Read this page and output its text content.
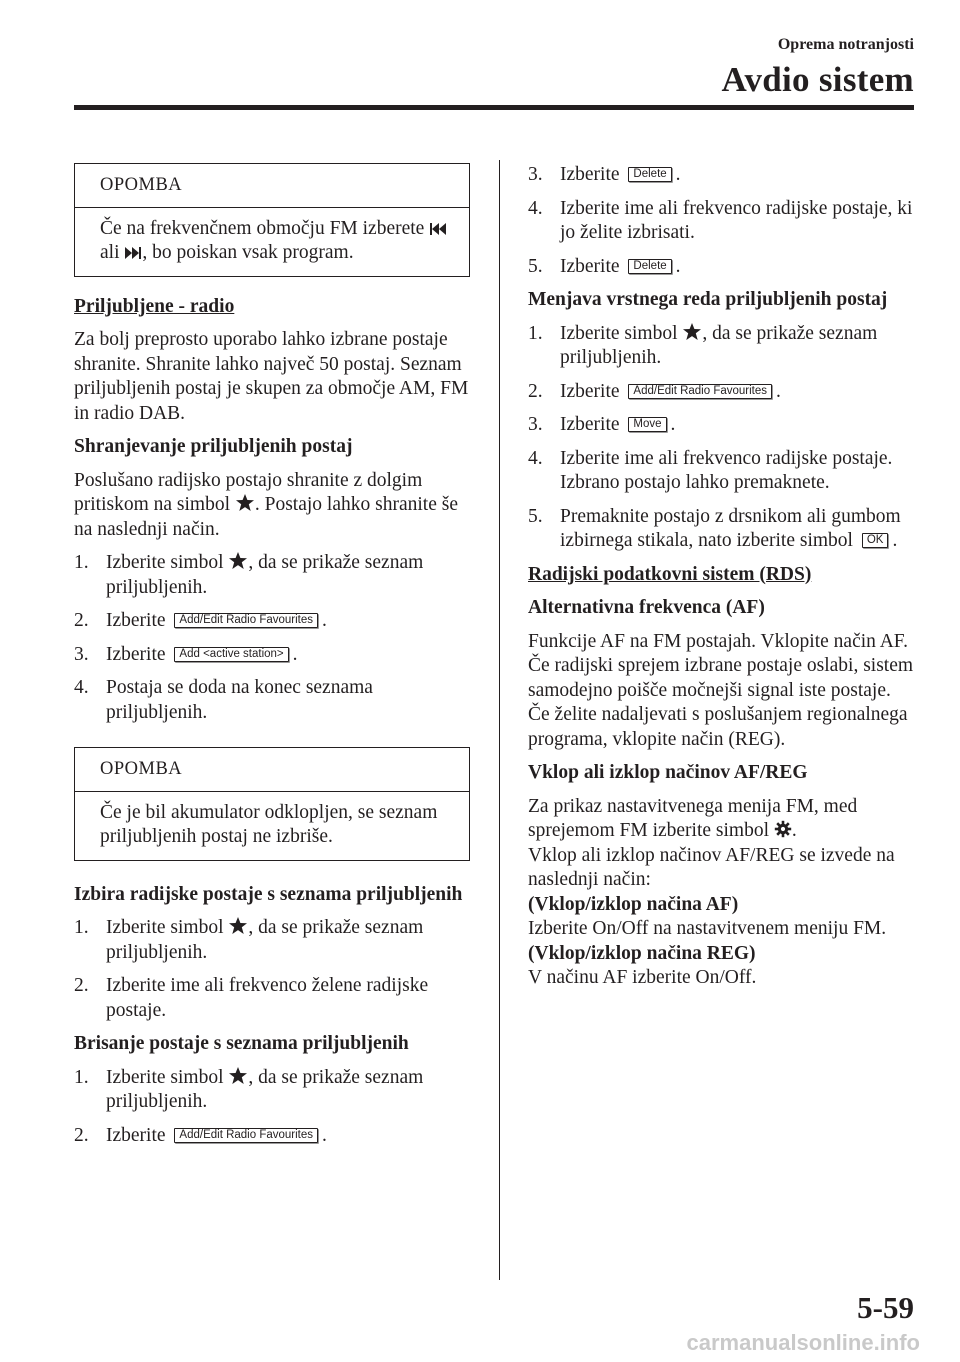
Oprema notranjosti
Avdio sistem
OPOMBA
Če na frekvenčnem območju FM izberete  ali , bo poiskan vsak program.
Priljubljene - radio

Za bolj preprosto uporabo lahko izbrane postaje shranite. Shranite lahko največ 50 postaj. Seznam priljubljenih postaj je skupen za območje AM, FM in radio DAB.

Shranjevanje priljubljenih postaj

Poslušano radijsko postajo shranite z dolgim pritiskom na simbol . Postajo lahko shranite še na naslednji način.

1. Izberite simbol , da se prikaže seznam priljubljenih.
2. Izberite Add/Edit Radio Favourites .
3. Izberite Add <active station> .
4. Postaja se doda na konec seznama priljubljenih.
OPOMBA
Če je bil akumulator odklopljen, se seznam priljubljenih postaj ne izbriše.
Izbira radijske postaje s seznama priljubljenih
1. Izberite simbol , da se prikaže seznam priljubljenih.
2. Izberite ime ali frekvenco želene radijske postaje.
Brisanje postaje s seznama priljubljenih
1. Izberite simbol , da se prikaže seznam priljubljenih.
2. Izberite Add/Edit Radio Favourites .
3. Izberite Delete .
4. Izberite ime ali frekvenco radijske postaje, ki jo želite izbrisati.
5. Izberite Delete .
Menjava vrstnega reda priljubljenih postaj
1. Izberite simbol , da se prikaže seznam priljubljenih.
2. Izberite Add/Edit Radio Favourites .
3. Izberite Move .
4. Izberite ime ali frekvenco radijske postaje. Izbrano postajo lahko premaknete.
5. Premaknite postajo z drsnikom ali gumbom izbirnega stikala, nato izberite simbol OK .
Radijski podatkovni sistem (RDS)
Alternativna frekvenca (AF)

Funkcije AF na FM postajah. Vklopite način AF. Če radijski sprejem izbrane postaje oslabi, sistem samodejno poišče močnejši signal iste postaje.
Če želite nadaljevati s poslušanjem regionalnega programa, vklopite način (REG).

Vklop ali izklop načinov AF/REG

Za prikaz nastavitvenega menija FM, med sprejemom FM izberite simbol .
Vklop ali izklop načinov AF/REG se izvede na naslednji način:
(Vklop/izklop načina AF)
Izberite On/Off na nastavitvenem meniju FM.
(Vklop/izklop načina REG)
V načinu AF izberite On/Off.

5-59
carmanualsonline.info
